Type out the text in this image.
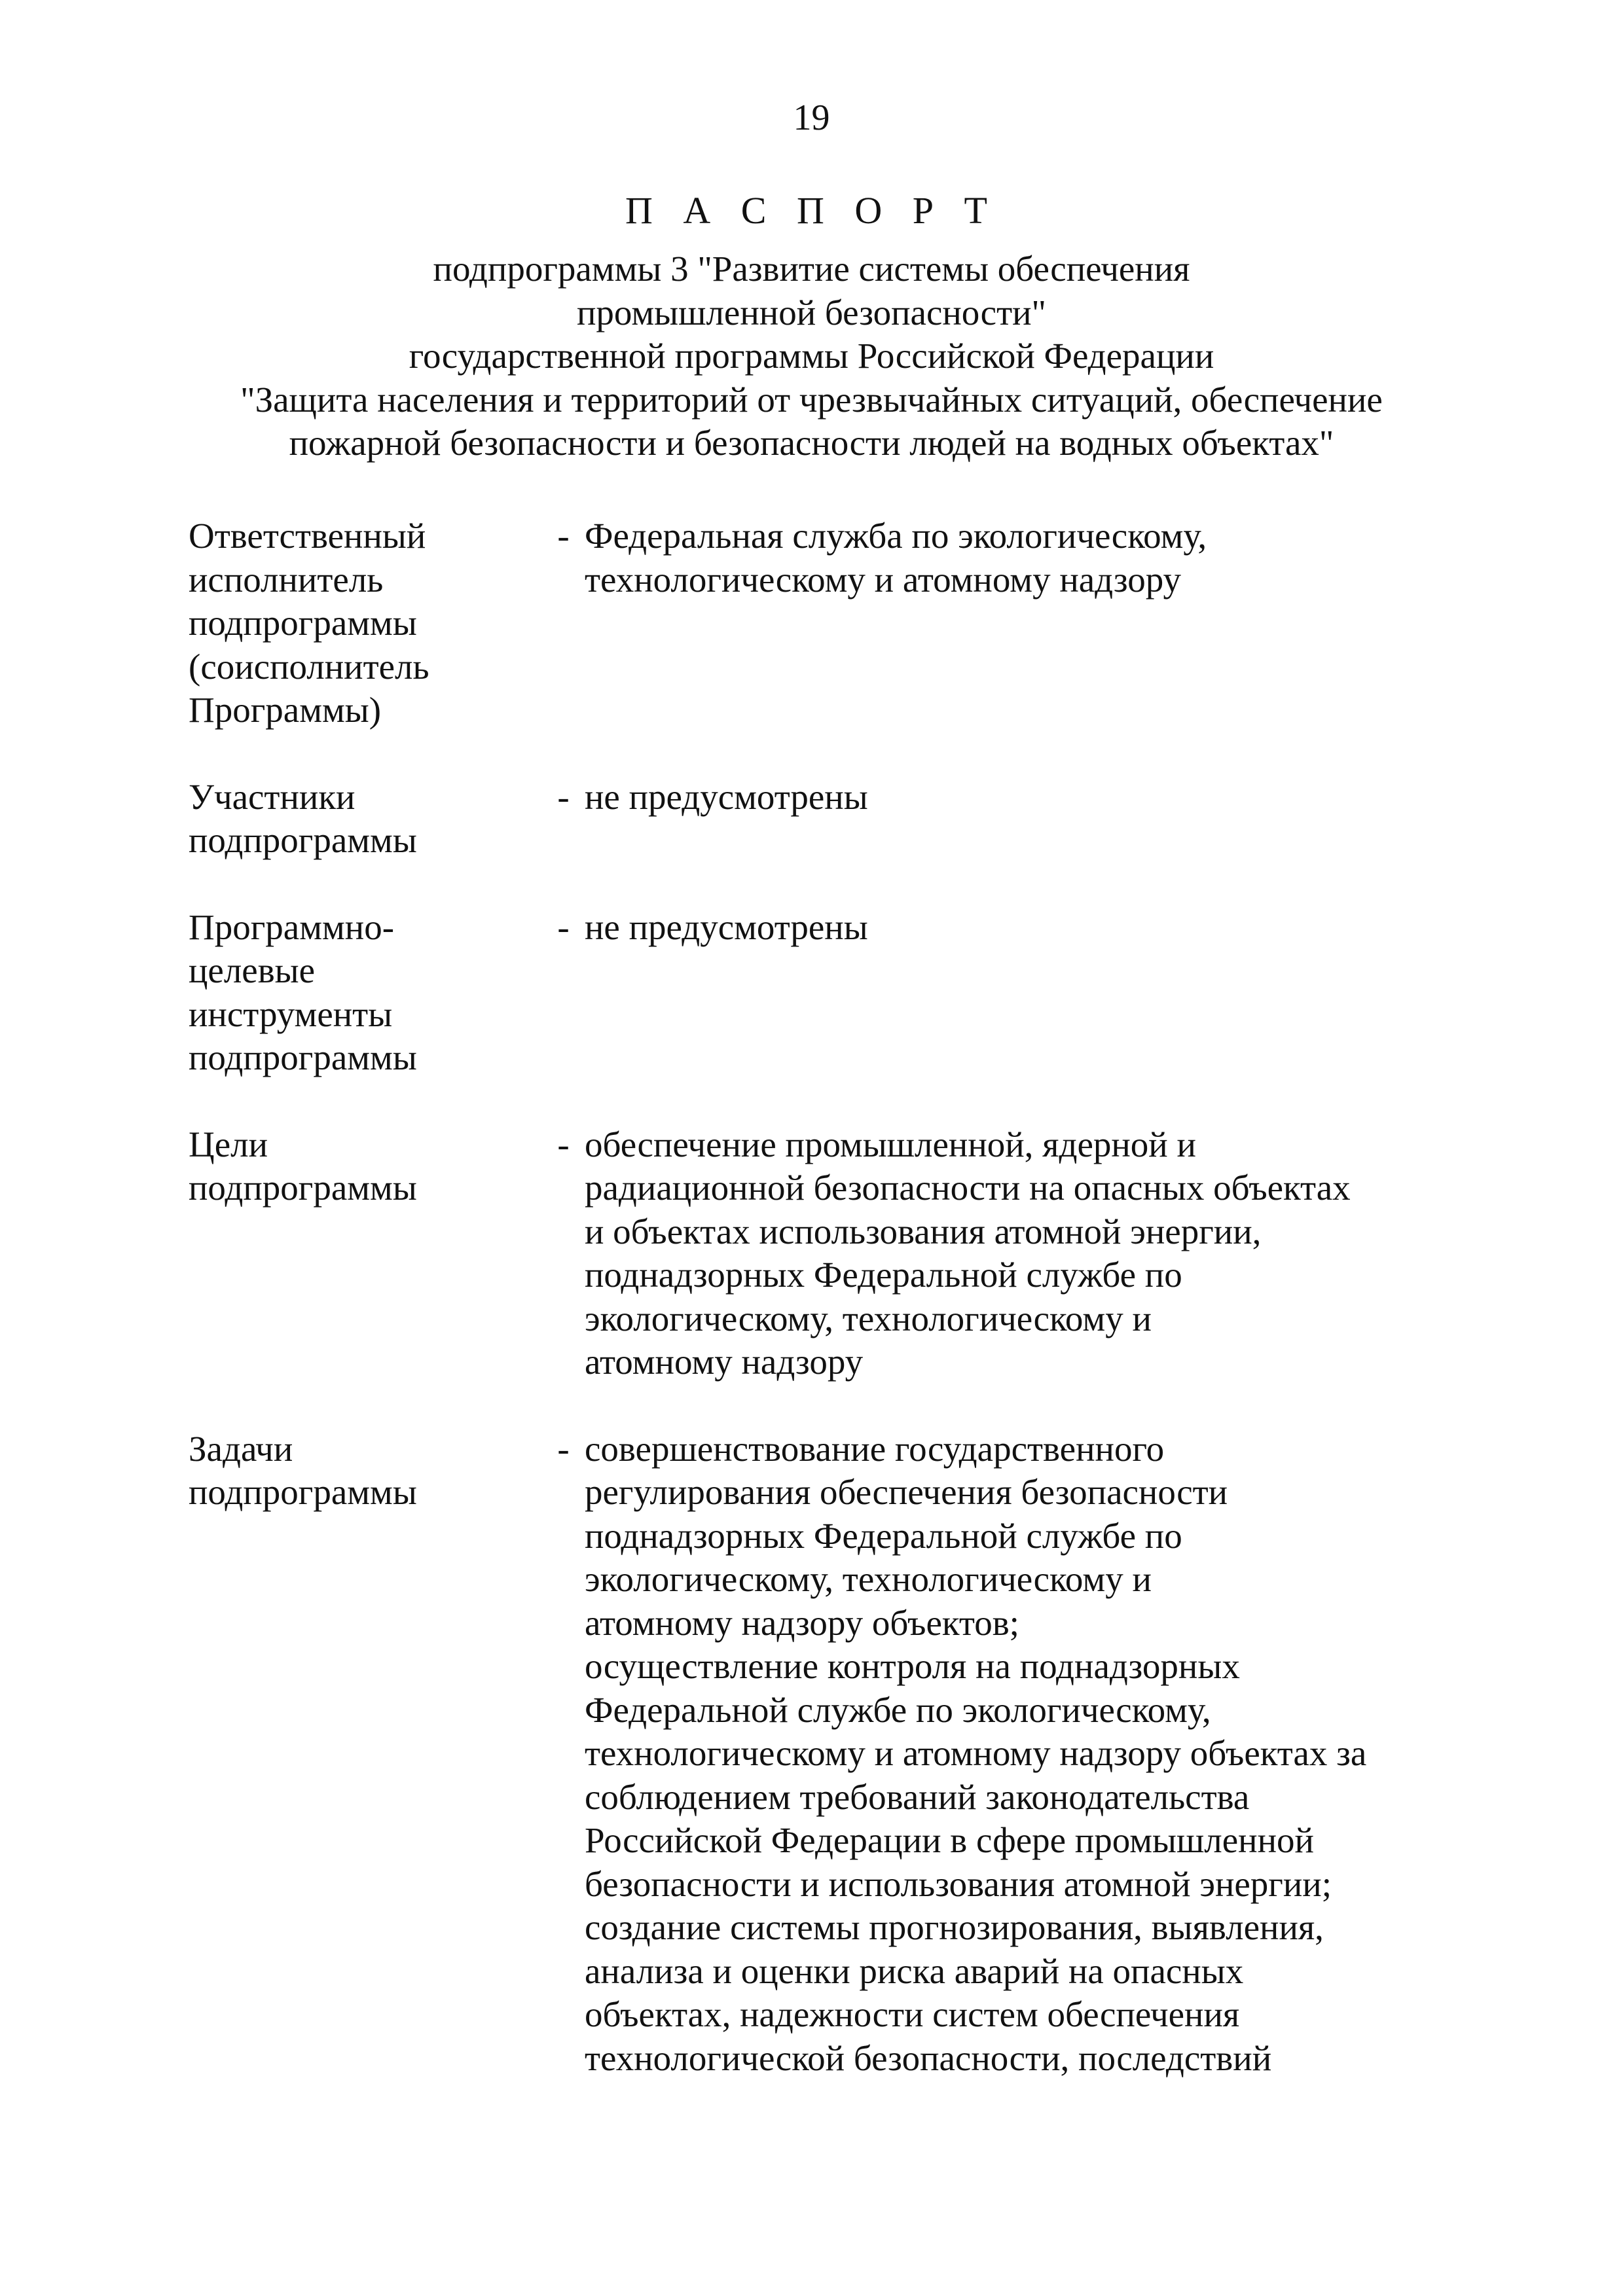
19
П А С П О Р Т
подпрограммы 3 "Развитие системы обеспечения
промышленной безопасности"
государственной программы Российской Федерации
"Защита населения и территорий от чрезвычайных ситуаций, обеспечение
пожарной безопасности и безопасности людей на водных объектах"
Ответственный
исполнитель
подпрограммы
(соисполнитель
Программы)
- Федеральная служба по экологическому,
технологическому и атомному надзору
Участники
подпрограммы
- не предусмотрены
Программно-
целевые
инструменты
подпрограммы
- не предусмотрены
Цели
подпрограммы
- обеспечение промышленной, ядерной и
радиационной безопасности на опасных объектах
и объектах использования атомной энергии,
поднадзорных Федеральной службе по
экологическому, технологическому и
атомному надзору
Задачи
подпрограммы
- совершенствование государственного
регулирования обеспечения безопасности
поднадзорных Федеральной службе по
экологическому, технологическому и
атомному надзору объектов;
осуществление контроля на поднадзорных
Федеральной службе по экологическому,
технологическому и атомному надзору объектах за
соблюдением требований законодательства
Российской Федерации в сфере промышленной
безопасности и использования атомной энергии;
создание системы прогнозирования, выявления,
анализа и оценки риска аварий на опасных
объектах, надежности систем обеспечения
технологической безопасности, последствий
